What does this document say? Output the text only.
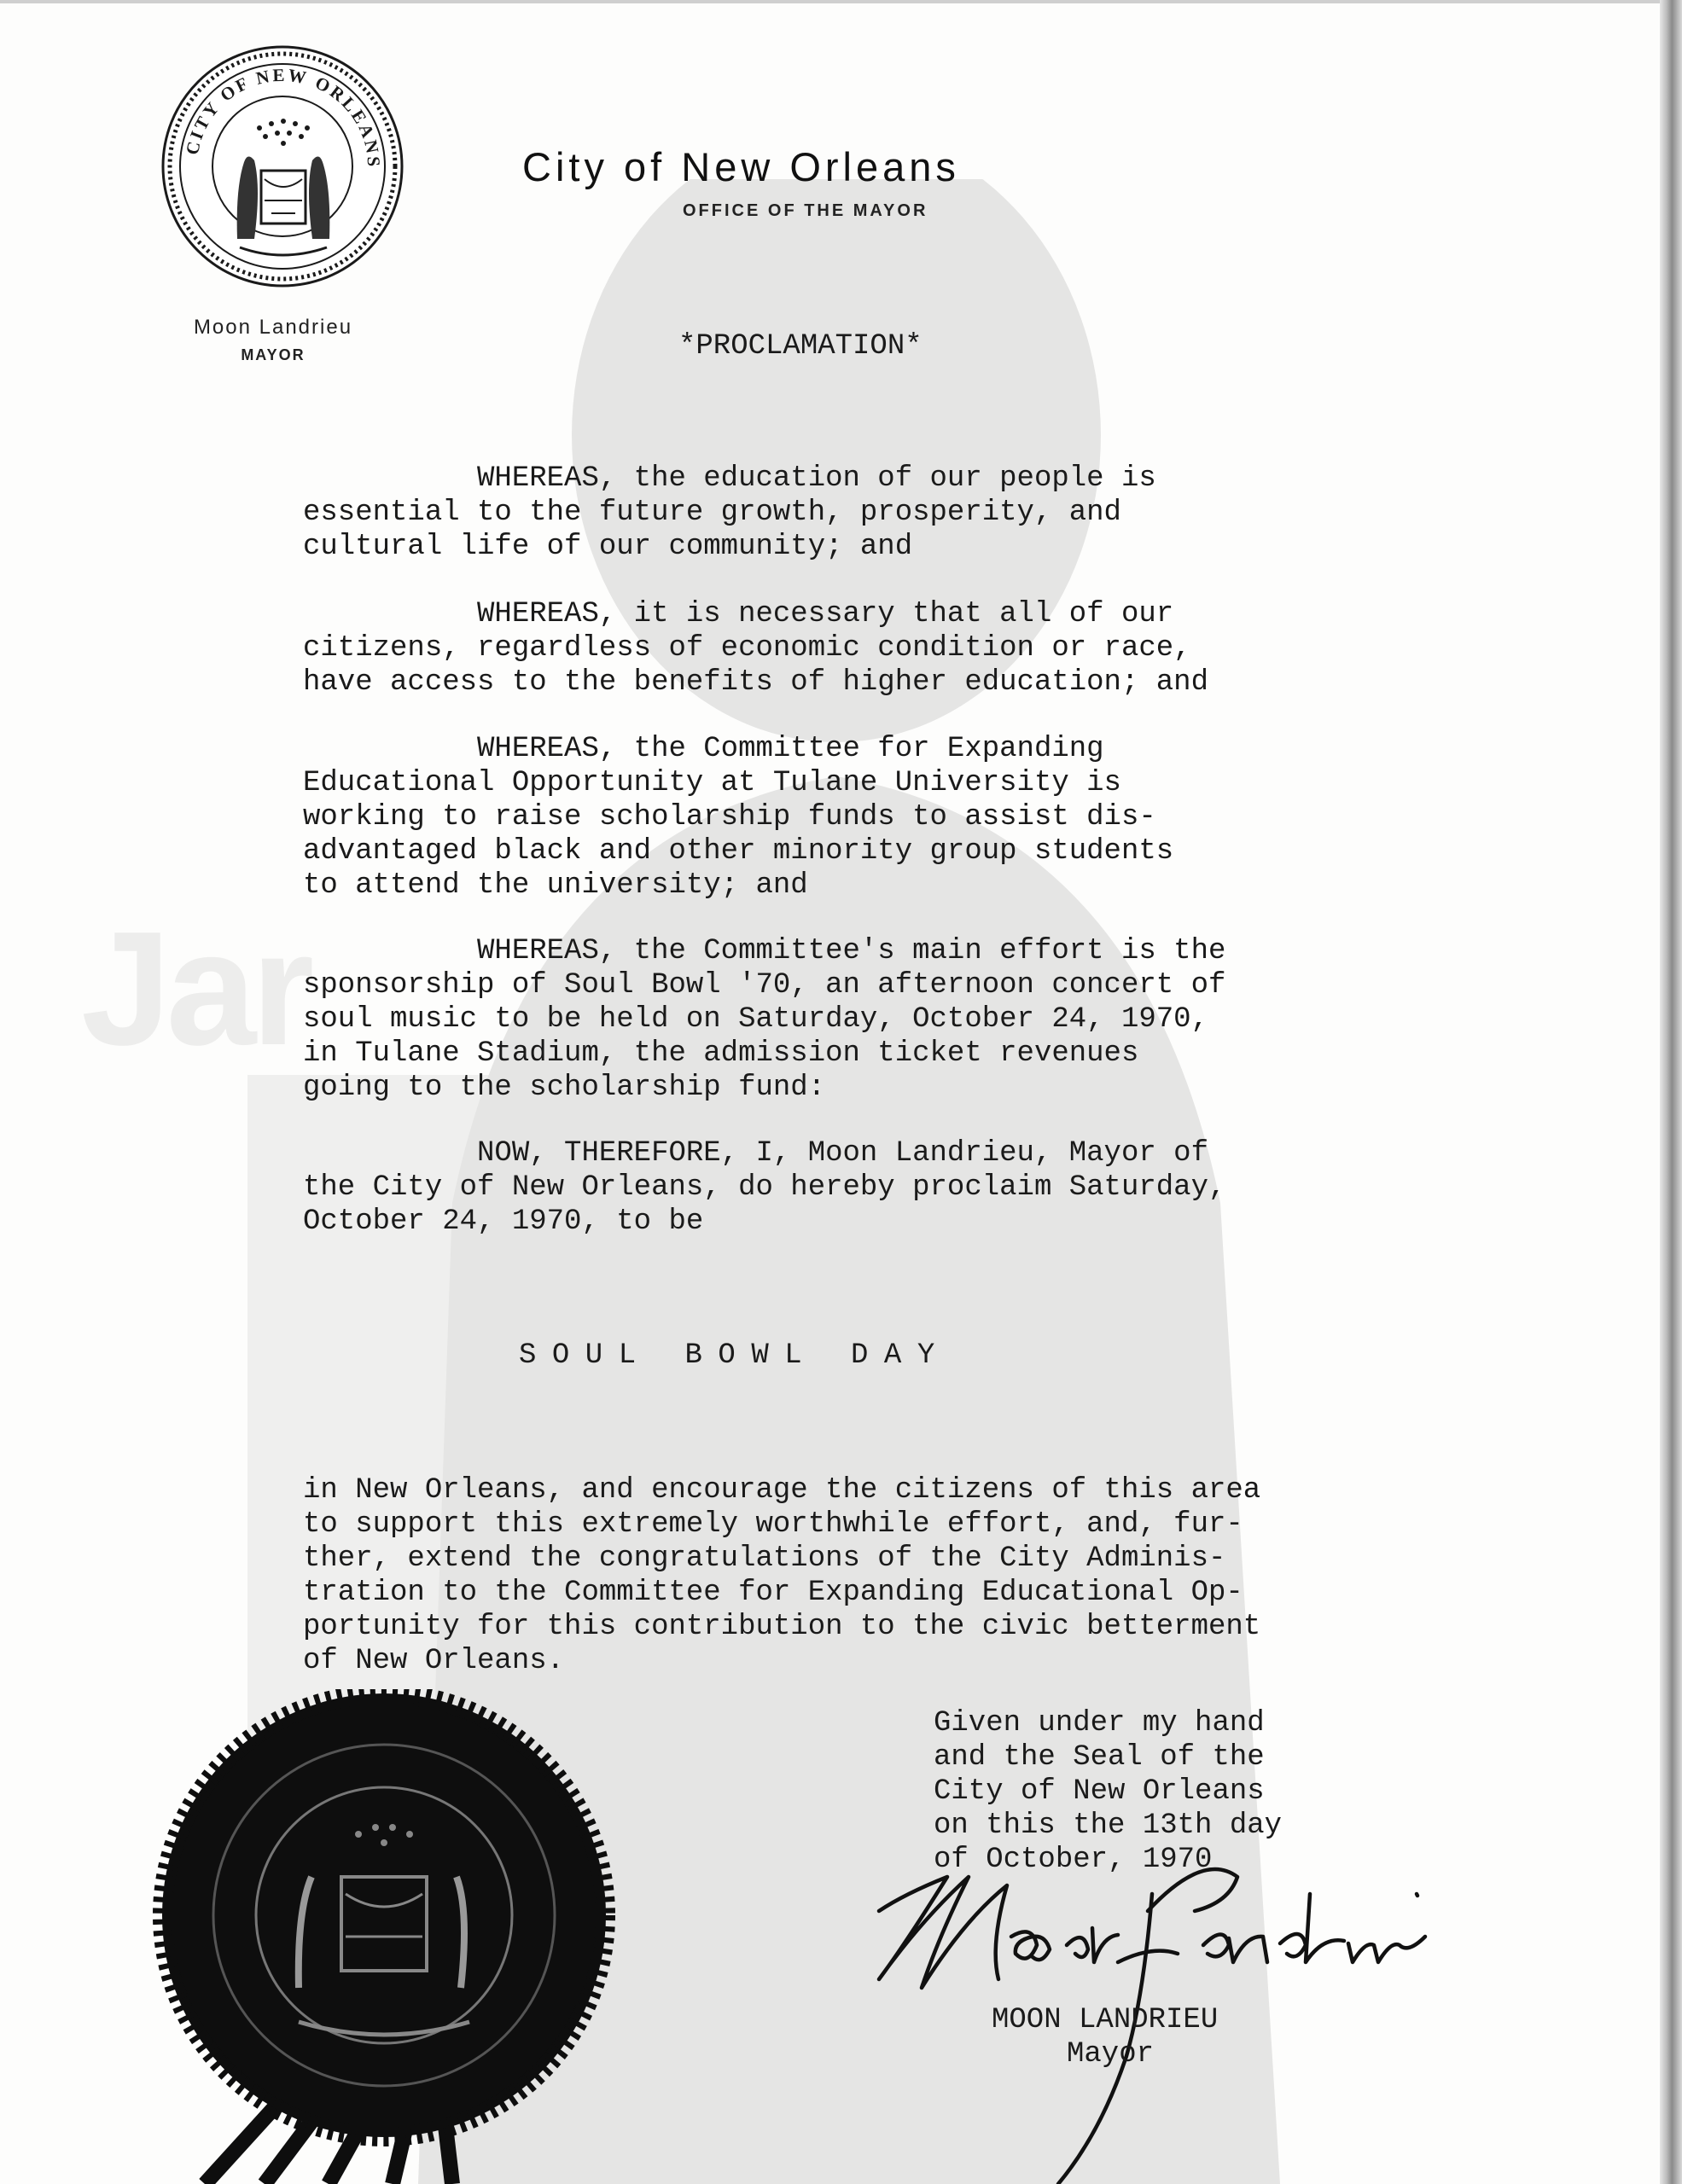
Jar
CITY OF NEW ORLEANS	City of New Orleans
OFFICE OF THE MAYOR
Moon Landrieu
MAYOR	*PROCLAMATION*
WHEREAS, the education of our people is
essential to the future growth, prosperity, and
cultural life of our community; and
WHEREAS, it is necessary that all of our
citizens, regardless of economic condition or race,
have access to the benefits of higher education; and
WHEREAS, the Committee for Expanding
Educational Opportunity at Tulane University is
working to raise scholarship funds to assist dis-
advantaged black and other minority group students
to attend the university; and
WHEREAS, the Committee's main effort is the
sponsorship of Soul Bowl '70, an afternoon concert of
soul music to be held on Saturday, October 24, 1970,
in Tulane Stadium, the admission ticket revenues
going to the scholarship fund:
NOW, THEREFORE, I, Moon Landrieu, Mayor of
the City of New Orleans, do hereby proclaim Saturday,
October 24, 1970, to be
SOUL BOWL DAY
in New Orleans, and encourage the citizens of this area
to support this extremely worthwhile effort, and, fur-
ther, extend the congratulations of the City Adminis-
tration to the Committee for Expanding Educational Op-
portunity for this contribution to the civic betterment
of New Orleans.
Given under my hand
and the Seal of the
City of New Orleans
on this the 13th day
of October, 1970
MOON LANDRIEU
Mayor
